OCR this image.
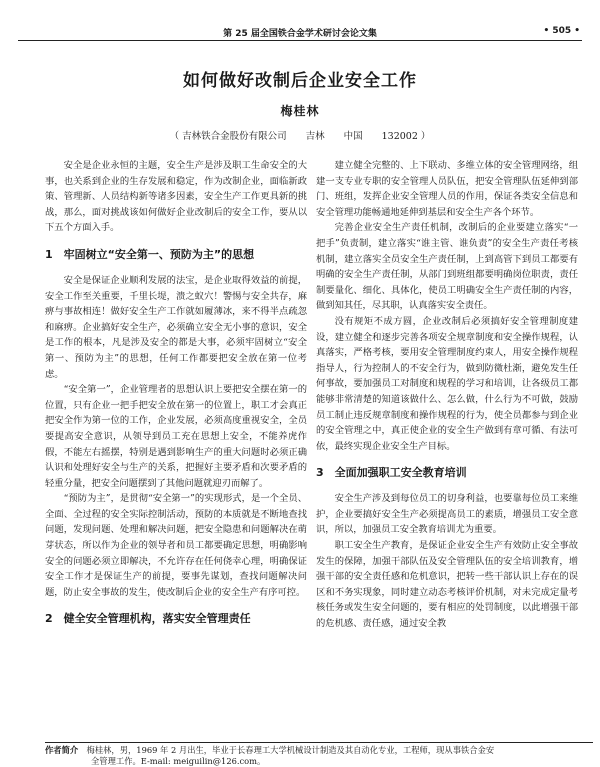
第 25 届全国铁合金学术研讨会论文集	• 505 •
如何做好改制后企业安全工作
梅桂林
（ 吉林铁合金股份有限公司　　吉林　　中国　　132002 ）

安全是企业永恒的主题，安全生产是涉及职工生命安全的大事，也关系到企业的生存发展和稳定，作为改制企业，面临新政策、管理新、人员结构新等诸多因素，安全生产工作更具新的挑战，那么，面对挑战该如何做好企业改制后的安全工作，要从以下五个方面入手。

1　牢固树立“安全第一、预防为主”的思想

安全是保证企业顺利发展的法宝，是企业取得效益的前提，安全工作至关重要，千里长堤，溃之蚁穴！警惕与安全共存，麻痹与事故相连！做好安全生产工作就如履薄冰，来不得半点疏忽和麻痹。企业搞好安全生产，必须确立安全无小事的意识，安全是工作的根本，凡是涉及安全的都是大事，必须牢固树立“安全第一、预防为主”的思想，任何工作都要把安全放在第一位考虑。

“安全第一”，企业管理者的思想认识上要把安全摆在第一的位置，只有企业一把手把安全放在第一的位置上，职工才会真正把安全作为第一位的工作，企业发展，必须高度重视安全，全员要提高安全意识，从领导到员工充在思想上安全，不能养虎作假，不能左右摇摆，特别是遇到影响生产的重大问题时必须正确认识和处理好安全与生产的关系，把握好主要矛盾和次要矛盾的轻重分量，把安全问题摆到了其他问题就迎刃而解了。

“预防为主”，是贯彻“安全第一”的实现形式，是一个全员、全面、全过程的安全实际控制活动，预防的本质就是不断地查找问题，发现问题、处理和解决问题，把安全隐患和问题解决在萌芽状态，所以作为企业的领导者和员工都要确定思想，明确影响安全的问题必须立即解决，不允许存在任何侥幸心理，明确保证安全工作才是保证生产的前提，要事先谋划，查找问题解决问题，防止安全事故的发生，使改制后企业的安全生产有序可控。

2　健全安全管理机构，落实安全管理责任

建立健全完整的、上下联动、多维立体的安全管理网络，组建一支专业专职的安全管理人员队伍，把安全管理队伍延伸到部门、班组，发挥企业安全管理人员的作用，保证各类安全信息和安全管理功能畅通地延伸到基层和安全生产各个环节。

完善企业安全生产责任机制，改制后的企业要建立落实“一把手”负责制，建立落实“谁主管、谁负责”的安全生产责任考核机制，建立落实全员安全生产责任制，上到高管下到员工都要有明确的安全生产责任制，从部门到班组都要明确岗位职责，责任制要量化、细化、具体化，使员工明确安全生产责任制的内容，做到知其任，尽其职，认真落实安全责任。

没有规矩不成方圆，企业改制后必须搞好安全管理制度建设，建立健全和逐步完善各项安全规章制度和安全操作规程，认真落实，严格考核，要用安全管理制度约束人，用安全操作规程指导人，行为控制人的不安全行为，做到防微杜渐，避免发生任何事故，要加强员工对制度和规程的学习和培训，让各级员工都能够非常清楚的知道该做什么、怎么做，什么行为不可做，鼓励员工制止违反规章制度和操作规程的行为，使全员都参与到企业的安全管理之中，真正使企业的安全生产做到有章可循、有法可依，最终实现企业安全生产目标。

3　全面加强职工安全教育培训

安全生产涉及到每位员工的切身利益，也要靠每位员工来维护，企业要搞好安全生产必须提高员工的素质，增强员工安全意识，所以，加强员工安全教育培训尤为重要。

职工安全生产教育，是保证企业安全生产有效防止安全事故发生的保障，加强干部队伍及安全管理队伍的安全培训教育，增强干部的安全责任感和危机意识，把转一些干部认识上存在的误区和不务实现象，同时建立动态考核评价机制，对未完成定量考核任务或发生安全问题的，要有相应的处罚制度，以此增强干部的危机感、责任感，通过安全教

作者简介　 梅桂林，男，1969 年 2 月出生，毕业于长春理工大学机械设计制造及其自动化专业，工程师，现从事铁合金安
全管理工作。E-mail: meiguilin@126.com。
